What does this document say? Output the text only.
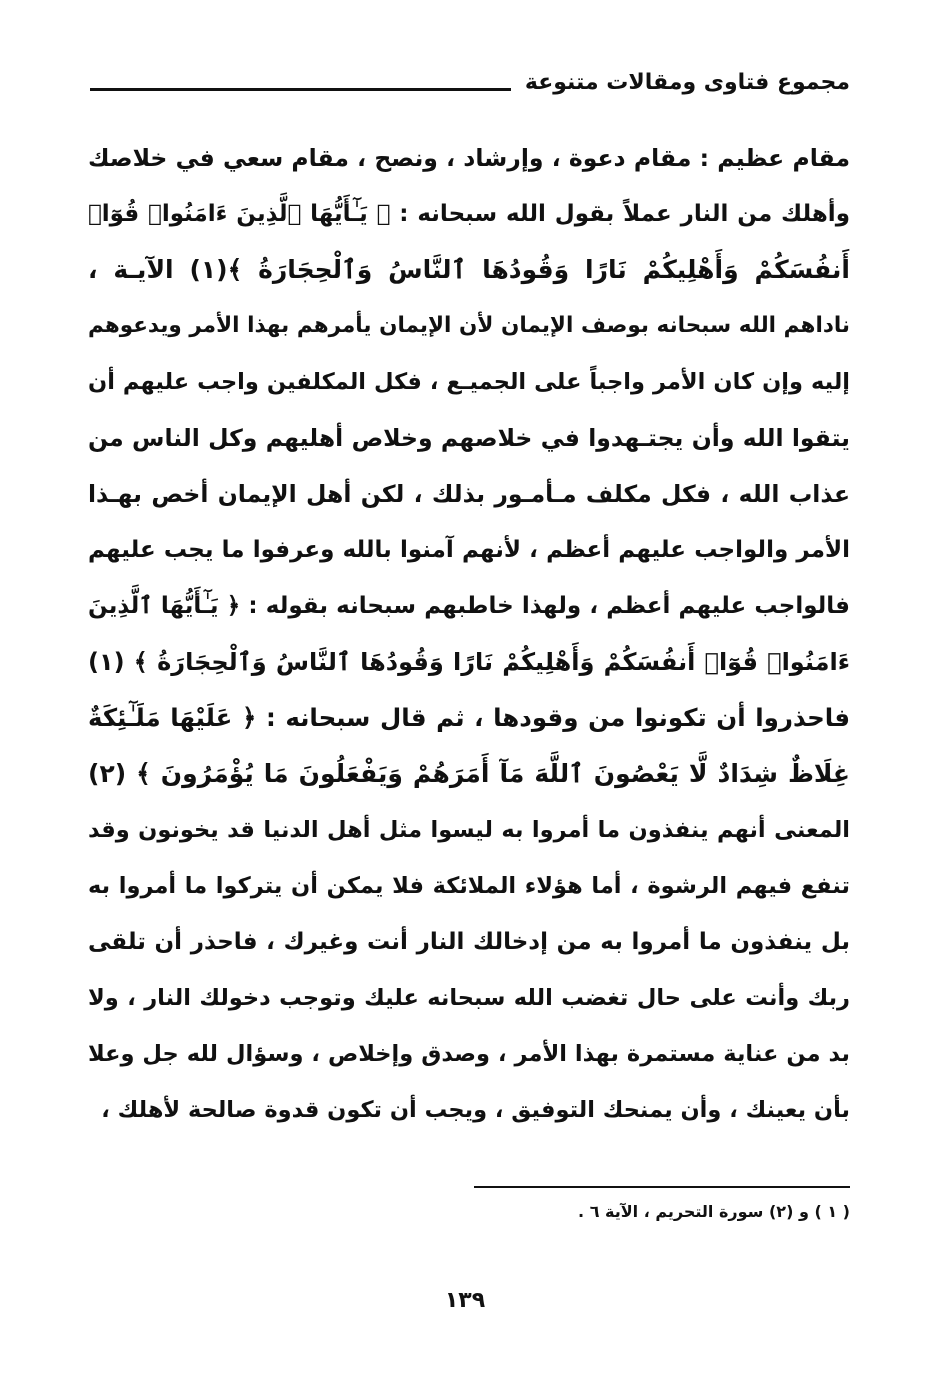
مجموع فتاوى ومقالات متنوعة
مقام عظيم : مقام دعوة ، وإرشاد ، ونصح ، مقام سعي في خلاصك
وأهلك من النار عملاً بقول الله سبحانه : ﴿ يَـٰٓأَيُّهَا ٱلَّذِينَ ءَامَنُوا۟ قُوٓا۟
أَنفُسَكُمْ وَأَهْلِيكُمْ نَارًا وَقُودُهَا ٱلنَّاسُ وَٱلْحِجَارَةُ ﴾(١) الآيـة ،
ناداهم الله سبحانه بوصف الإيمان لأن الإيمان يأمرهم بهذا الأمر ويدعوهم
إليه وإن كان الأمر واجباً على الجميـع ، فكل المكلفين واجب عليهم أن
يتقوا الله وأن يجتـهدوا في خلاصهم وخلاص أهليهم وكل الناس من
عذاب الله ، فكل مكلف مـأمـور بذلك ، لكن أهل الإيمان أخص بهـذا
الأمر والواجب عليهم أعظم ، لأنهم آمنوا بالله وعرفوا ما يجب عليهم
فالواجب عليهم أعظم ، ولهذا خاطبهم سبحانه بقوله : ﴿ يَـٰٓأَيُّهَا ٱلَّذِينَ
ءَامَنُوا۟ قُوٓا۟ أَنفُسَكُمْ وَأَهْلِيكُمْ نَارًا وَقُودُهَا ٱلنَّاسُ وَٱلْحِجَارَةُ ﴾ (١)
فاحذروا أن تكونوا من وقودها ، ثم قال سبحانه : ﴿ عَلَيْهَا مَلَـٰٓئِكَةٌ
غِلَاظٌ شِدَادٌ لَّا يَعْصُونَ ٱللَّهَ مَآ أَمَرَهُمْ وَيَفْعَلُونَ مَا يُؤْمَرُونَ ﴾ (٢)
المعنى أنهم ينفذون ما أمروا به ليسوا مثل أهل الدنيا قد يخونون وقد
تنفع فيهم الرشوة ، أما هؤلاء الملائكة فلا يمكن أن يتركوا ما أمروا به
بل ينفذون ما أمروا به من إدخالك النار أنت وغيرك ، فاحذر أن تلقى
ربك وأنت على حال تغضب الله سبحانه عليك وتوجب دخولك النار ، ولا
بد من عناية مستمرة بهذا الأمر ، وصدق وإخلاص ، وسؤال لله جل وعلا
بأن يعينك ، وأن يمنحك التوفيق ، ويجب أن تكون قدوة صالحة لأهلك ،
( ١ ) و (٢) سورة التحريم ، الآية ٦ .
١٣٩
